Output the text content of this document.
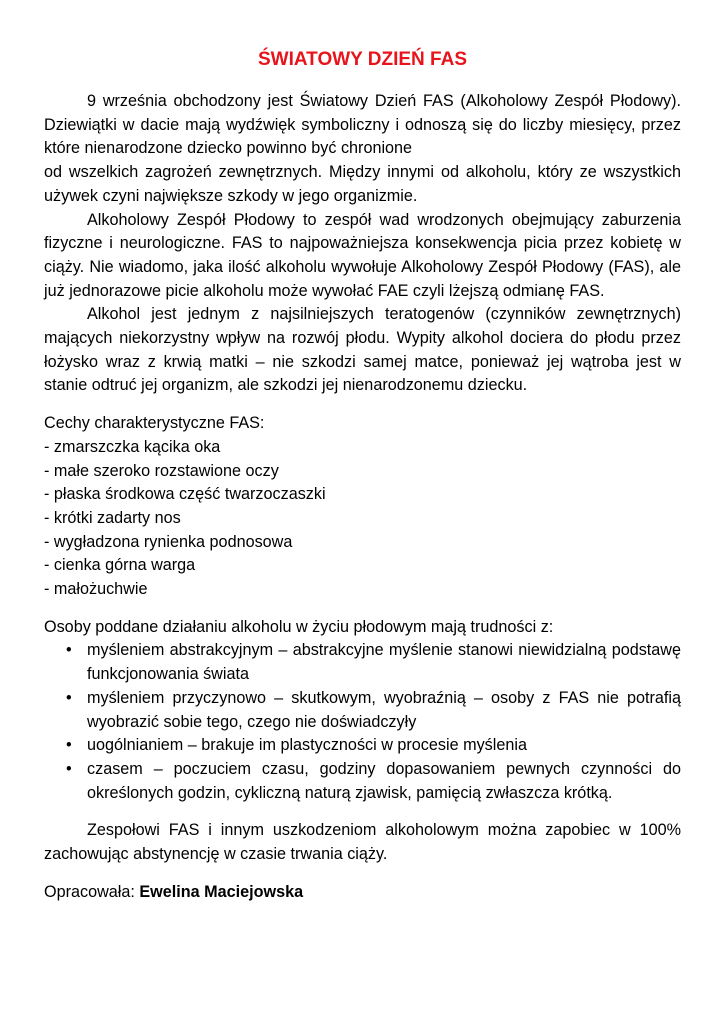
ŚWIATOWY DZIEŃ FAS

9 września obchodzony jest Światowy Dzień FAS (Alkoholowy Zespół Płodowy). Dziewiątki w dacie mają wydźwięk symboliczny i odnoszą się do liczby miesięcy, przez które nienarodzone dziecko powinno być chronione

od wszelkich zagrożeń zewnętrznych. Między innymi od alkoholu, który ze wszystkich używek czyni największe szkody w jego organizmie.

Alkoholowy Zespół Płodowy to zespół wad wrodzonych obejmujący zaburzenia fizyczne i neurologiczne. FAS to najpoważniejsza konsekwencja picia przez kobietę w ciąży. Nie wiadomo, jaka ilość alkoholu wywołuje Alkoholowy Zespół Płodowy (FAS), ale już jednorazowe picie alkoholu może wywołać FAE czyli lżejszą odmianę FAS.

Alkohol jest jednym z najsilniejszych teratogenów (czynników zewnętrznych) mających niekorzystny wpływ na rozwój płodu. Wypity alkohol dociera do płodu przez łożysko wraz z krwią matki – nie szkodzi samej matce, ponieważ jej wątroba jest w stanie odtruć jej organizm, ale szkodzi jej nienarodzonemu dziecku.

Cechy charakterystyczne FAS:

- zmarszczka kącika oka
- małe szeroko rozstawione oczy
- płaska środkowa część twarzoczaszki
- krótki zadarty nos
- wygładzona rynienka podnosowa
- cienka górna warga
- małożuchwie

Osoby poddane działaniu alkoholu w życiu płodowym mają trudności z:

• myśleniem abstrakcyjnym – abstrakcyjne myślenie stanowi niewidzialną podstawę funkcjonowania świata
• myśleniem przyczynowo – skutkowym, wyobraźnią – osoby z FAS nie potrafią wyobrazić sobie tego, czego nie doświadczyły
• uogólnianiem – brakuje im plastyczności w procesie myślenia
• czasem – poczuciem czasu, godziny dopasowaniem pewnych czynności do określonych godzin, cykliczną naturą zjawisk, pamięcią zwłaszcza krótką.

Zespołowi FAS i innym uszkodzeniom alkoholowym można zapobiec w 100% zachowując abstynencję w czasie trwania ciąży.

Opracowała: Ewelina Maciejowska
